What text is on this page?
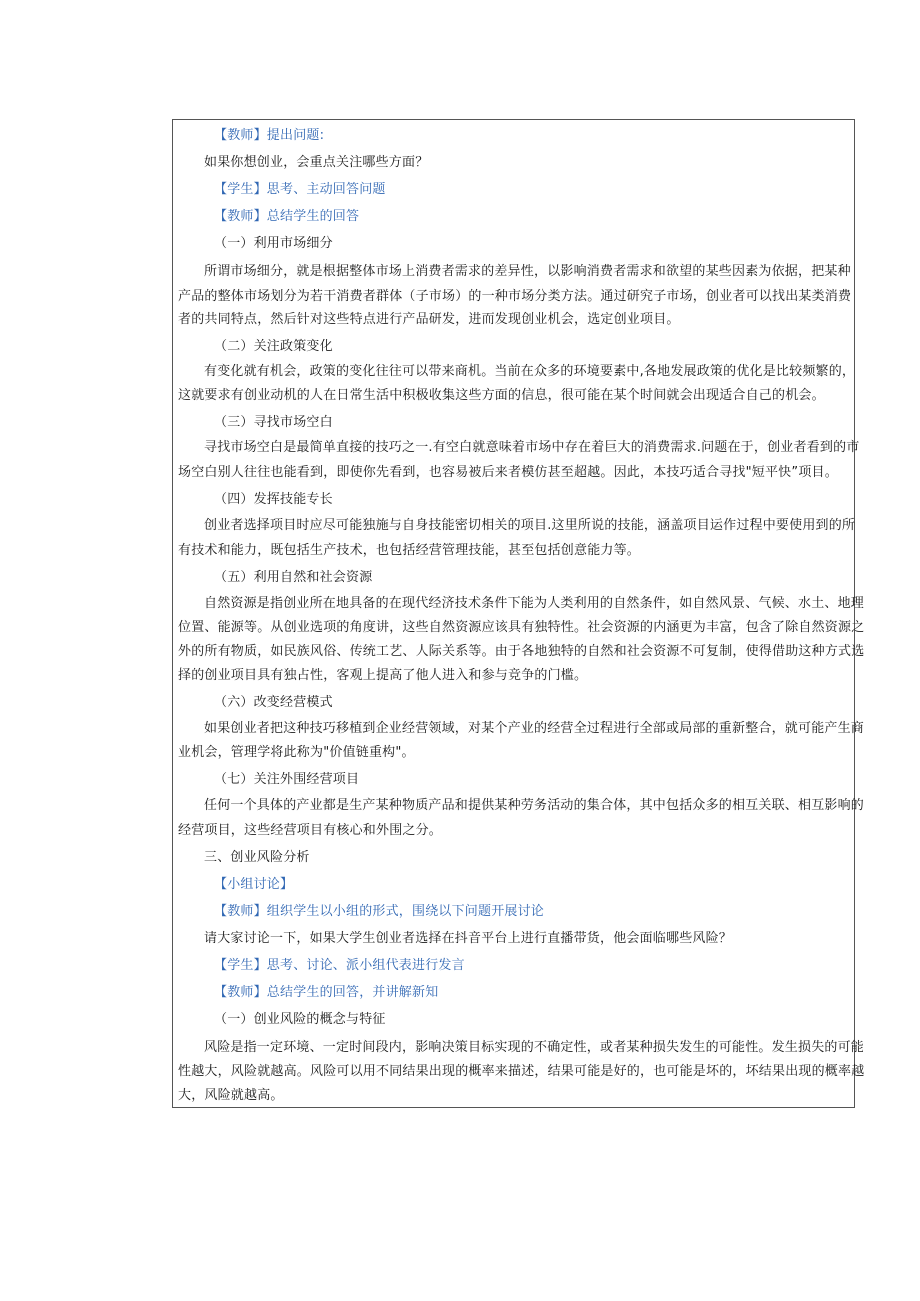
【教师】提出问题:
如果你想创业，会重点关注哪些方面？
【学生】思考、主动回答问题
【教师】总结学生的回答
（一）利用市场细分
所谓市场细分，就是根据整体市场上消费者需求的差异性，以影响消费者需求和欲望的某些因素为依据，把某种
产品的整体市场划分为若干消费者群体（子市场）的一种市场分类方法。通过研究子市场，创业者可以找出某类消费
者的共同特点，然后针对这些特点进行产品研发，进而发现创业机会，选定创业项目。
（二）关注政策变化
有变化就有机会，政策的变化往往可以带来商机。当前在众多的环境要素中,各地发展政策的优化是比较频繁的，
这就要求有创业动机的人在日常生活中积极收集这些方面的信息，很可能在某个时间就会出现适合自己的机会。
（三）寻找市场空白
寻找市场空白是最简单直接的技巧之一.有空白就意味着市场中存在着巨大的消费需求.问题在于，创业者看到的市
场空白别人往往也能看到，即使你先看到，也容易被后来者模仿甚至超越。因此，本技巧适合寻找"短平快”项目。
（四）发挥技能专长
创业者选择项目时应尽可能独施与自身技能密切相关的项目.这里所说的技能，涵盖项目运作过程中要使用到的所
有技术和能力，既包括生产技术，也包括经营管理技能，甚至包括创意能力等。
（五）利用自然和社会资源
自然资源是指创业所在地具备的在现代经济技术条件下能为人类利用的自然条件，如自然风景、气候、水土、地理
位置、能源等。从创业选项的角度讲，这些自然资源应该具有独特性。社会资源的内涵更为丰富，包含了除自然资源之
外的所有物质，如民族风俗、传统工艺、人际关系等。由于各地独特的自然和社会资源不可复制，使得借助这种方式选
择的创业项目具有独占性，客观上提高了他人进入和参与竞争的门槛。
（六）改变经营模式
如果创业者把这种技巧移植到企业经营领域，对某个产业的经营全过程进行全部或局部的重新整合，就可能产生商
业机会，管理学将此称为"价值链重构"。
（七）关注外围经营项目
任何一个具体的产业都是生产某种物质产品和提供某种劳务活动的集合体，其中包括众多的相互关联、相互影响的
经营项目，这些经营项目有核心和外围之分。
三、创业风险分析
【小组讨论】
【教师】组织学生以小组的形式，围绕以下问题开展讨论
请大家讨论一下，如果大学生创业者选择在抖音平台上进行直播带货，他会面临哪些风险？
【学生】思考、讨论、派小组代表进行发言
【教师】总结学生的回答，并讲解新知
（一）创业风险的概念与特征
风险是指一定环境、一定时间段内，影响决策目标实现的不确定性，或者某种损失发生的可能性。发生损失的可能
性越大，风险就越高。风险可以用不同结果出现的概率来描述，结果可能是好的，也可能是坏的，坏结果出现的概率越
大，风险就越高。
